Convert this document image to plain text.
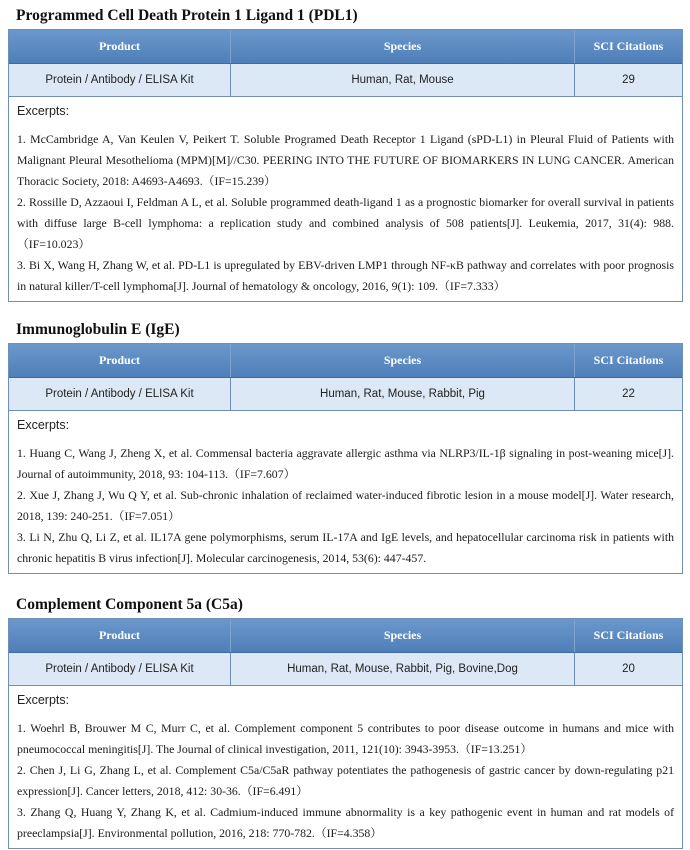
Programmed Cell Death Protein 1 Ligand 1 (PDL1)
Product	Species	SCI Citations
Protein / Antibody / ELISA Kit	Human, Rat, Mouse	29

Excerpts:

1. McCambridge A, Van Keulen V, Peikert T. Soluble Programed Death Receptor 1 Ligand (sPD-L1) in Pleural Fluid of Patients with Malignant Pleural Mesothelioma (MPM)[M]//C30. PEERING INTO THE FUTURE OF BIOMARKERS IN LUNG CANCER. American Thoracic Society, 2018: A4693-A4693.（IF=15.239）

2. Rossille D, Azzaoui I, Feldman A L, et al. Soluble programmed death-ligand 1 as a prognostic biomarker for overall survival in patients with diffuse large B-cell lymphoma: a replication study and combined analysis of 508 patients[J]. Leukemia, 2017, 31(4): 988.（IF=10.023）

3. Bi X, Wang H, Zhang W, et al. PD-L1 is upregulated by EBV-driven LMP1 through NF-κB pathway and correlates with poor prognosis in natural killer/T-cell lymphoma[J]. Journal of hematology & oncology, 2016, 9(1): 109.（IF=7.333）

Immunoglobulin E (IgE)
Product	Species	SCI Citations
Protein / Antibody / ELISA Kit	Human, Rat, Mouse, Rabbit, Pig	22

Excerpts:

1. Huang C, Wang J, Zheng X, et al. Commensal bacteria aggravate allergic asthma via NLRP3/IL-1β signaling in post-weaning mice[J]. Journal of autoimmunity, 2018, 93: 104-113.（IF=7.607）

2. Xue J, Zhang J, Wu Q Y, et al. Sub-chronic inhalation of reclaimed water-induced fibrotic lesion in a mouse model[J]. Water research, 2018, 139: 240-251.（IF=7.051）

3. Li N, Zhu Q, Li Z, et al. IL17A gene polymorphisms, serum IL-17A and IgE levels, and hepatocellular carcinoma risk in patients with chronic hepatitis B virus infection[J]. Molecular carcinogenesis, 2014, 53(6): 447-457.

Complement Component 5a (C5a)
Product	Species	SCI Citations
Protein / Antibody / ELISA Kit	Human, Rat, Mouse, Rabbit, Pig, Bovine,Dog	20

Excerpts:

1. Woehrl B, Brouwer M C, Murr C, et al. Complement component 5 contributes to poor disease outcome in humans and mice with pneumococcal meningitis[J]. The Journal of clinical investigation, 2011, 121(10): 3943-3953.（IF=13.251）

2. Chen J, Li G, Zhang L, et al. Complement C5a/C5aR pathway potentiates the pathogenesis of gastric cancer by down-regulating p21 expression[J]. Cancer letters, 2018, 412: 30-36.（IF=6.491）

3. Zhang Q, Huang Y, Zhang K, et al. Cadmium-induced immune abnormality is a key pathogenic event in human and rat models of preeclampsia[J]. Environmental pollution, 2016, 218: 770-782.（IF=4.358）
